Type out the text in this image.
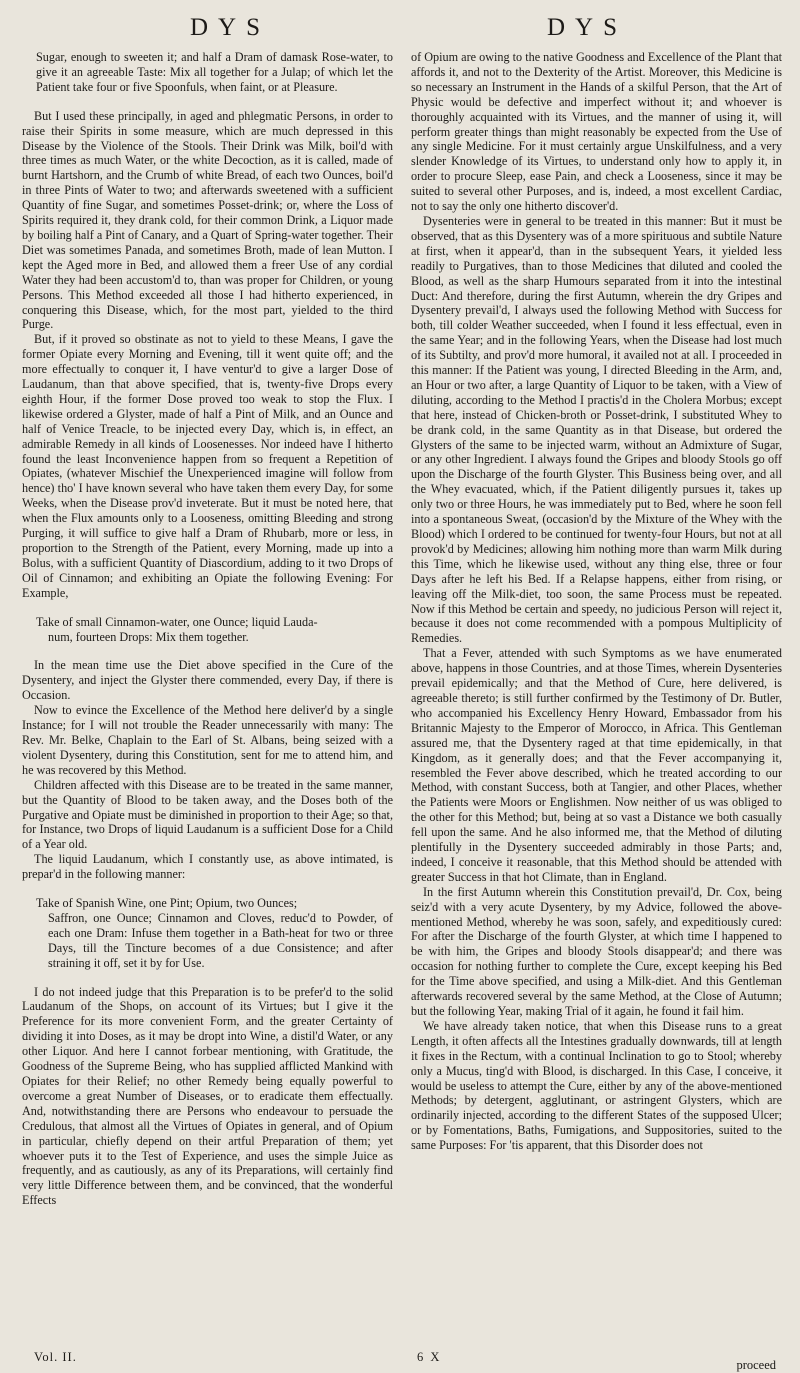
DYS	DYS

Sugar, enough to sweeten it; and half a Dram of damask Rose-water, to give it an agreeable Taste: Mix all together for a Julap; of which let the Patient take four or five Spoonfuls, when faint, or at Pleasure.

But I used these principally, in aged and phlegmatic Persons, in order to raise their Spirits in some measure, which are much depressed in this Disease by the Violence of the Stools. Their Drink was Milk, boil'd with three times as much Water, or the white Decoction, as it is called, made of burnt Hartshorn, and the Crumb of white Bread, of each two Ounces, boil'd in three Pints of Water to two; and afterwards sweetened with a sufficient Quantity of fine Sugar, and sometimes Posset-drink; or, where the Loss of Spirits required it, they drank cold, for their common Drink, a Liquor made by boiling half a Pint of Canary, and a Quart of Spring-water together. Their Diet was sometimes Panada, and sometimes Broth, made of lean Mutton. I kept the Aged more in Bed, and allowed them a freer Use of any cordial Water they had been accustom'd to, than was proper for Children, or young Persons. This Method exceeded all those I had hitherto experienced, in conquering this Disease, which, for the most part, yielded to the third Purge.

But, if it proved so obstinate as not to yield to these Means, I gave the former Opiate every Morning and Evening, till it went quite off; and the more effectually to conquer it, I have ventur'd to give a larger Dose of Laudanum, than that above specified, that is, twenty-five Drops every eighth Hour, if the former Dose proved too weak to stop the Flux. I likewise ordered a Glyster, made of half a Pint of Milk, and an Ounce and half of Venice Treacle, to be injected every Day, which is, in effect, an admirable Remedy in all kinds of Loosenesses. Nor indeed have I hitherto found the least Inconvenience happen from so frequent a Repetition of Opiates, (whatever Mischief the Unexperienced imagine will follow from hence) tho' I have known several who have taken them every Day, for some Weeks, when the Disease prov'd inveterate. But it must be noted here, that when the Flux amounts only to a Looseness, omitting Bleeding and strong Purging, it will suffice to give half a Dram of Rhubarb, more or less, in proportion to the Strength of the Patient, every Morning, made up into a Bolus, with a sufficient Quantity of Diascordium, adding to it two Drops of Oil of Cinnamon; and exhibiting an Opiate the following Evening: For Example,

Take of small Cinnamon-water, one Ounce; liquid Lauda-
num, fourteen Drops: Mix them together.

In the mean time use the Diet above specified in the Cure of the Dysentery, and inject the Glyster there commended, every Day, if there is Occasion.

Now to evince the Excellence of the Method here deliver'd by a single Instance; for I will not trouble the Reader unnecessarily with many: The Rev. Mr. Belke, Chaplain to the Earl of St. Albans, being seized with a violent Dysentery, during this Constitution, sent for me to attend him, and he was recovered by this Method.

Children affected with this Disease are to be treated in the same manner, but the Quantity of Blood to be taken away, and the Doses both of the Purgative and Opiate must be diminished in proportion to their Age; so that, for Instance, two Drops of liquid Laudanum is a sufficient Dose for a Child of a Year old.

The liquid Laudanum, which I constantly use, as above intimated, is prepar'd in the following manner:

Take of Spanish Wine, one Pint; Opium, two Ounces;
Saffron, one Ounce; Cinnamon and Cloves, reduc'd to Powder, of each one Dram: Infuse them together in a Bath-heat for two or three Days, till the Tincture becomes of a due Consistence; and after straining it off, set it by for Use.

I do not indeed judge that this Preparation is to be prefer'd to the solid Laudanum of the Shops, on account of its Virtues; but I give it the Preference for its more convenient Form, and the greater Certainty of dividing it into Doses, as it may be dropt into Wine, a distil'd Water, or any other Liquor. And here I cannot forbear mentioning, with Gratitude, the Goodness of the Supreme Being, who has supplied afflicted Mankind with Opiates for their Relief; no other Remedy being equally powerful to overcome a great Number of Diseases, or to eradicate them effectually. And, notwithstanding there are Persons who endeavour to persuade the Credulous, that almost all the Virtues of Opiates in general, and of Opium in particular, chiefly depend on their artful Preparation of them; yet whoever puts it to the Test of Experience, and uses the simple Juice as frequently, and as cautiously, as any of its Preparations, will certainly find very little Difference between them, and be convinced, that the wonderful Effects

of Opium are owing to the native Goodness and Excellence of the Plant that affords it, and not to the Dexterity of the Artist. Moreover, this Medicine is so necessary an Instrument in the Hands of a skilful Person, that the Art of Physic would be defective and imperfect without it; and whoever is thoroughly acquainted with its Virtues, and the manner of using it, will perform greater things than might reasonably be expected from the Use of any single Medicine. For it must certainly argue Unskilfulness, and a very slender Knowledge of its Virtues, to understand only how to apply it, in order to procure Sleep, ease Pain, and check a Looseness, since it may be suited to several other Purposes, and is, indeed, a most excellent Cardiac, not to say the only one hitherto discover'd.

Dysenteries were in general to be treated in this manner: But it must be observed, that as this Dysentery was of a more spirituous and subtile Nature at first, when it appear'd, than in the subsequent Years, it yielded less readily to Purgatives, than to those Medicines that diluted and cooled the Blood, as well as the sharp Humours separated from it into the intestinal Duct: And therefore, during the first Autumn, wherein the dry Gripes and Dysentery prevail'd, I always used the following Method with Success for both, till colder Weather succeeded, when I found it less effectual, even in the same Year; and in the following Years, when the Disease had lost much of its Subtilty, and prov'd more humoral, it availed not at all. I proceeded in this manner: If the Patient was young, I directed Bleeding in the Arm, and, an Hour or two after, a large Quantity of Liquor to be taken, with a View of diluting, according to the Method I practis'd in the Cholera Morbus; except that here, instead of Chicken-broth or Posset-drink, I substituted Whey to be drank cold, in the same Quantity as in that Disease, but ordered the Glysters of the same to be injected warm, without an Admixture of Sugar, or any other Ingredient. I always found the Gripes and bloody Stools go off upon the Discharge of the fourth Glyster. This Business being over, and all the Whey evacuated, which, if the Patient diligently pursues it, takes up only two or three Hours, he was immediately put to Bed, where he soon fell into a spontaneous Sweat, (occasion'd by the Mixture of the Whey with the Blood) which I ordered to be continued for twenty-four Hours, but not at all provok'd by Medicines; allowing him nothing more than warm Milk during this Time, which he likewise used, without any thing else, three or four Days after he left his Bed. If a Relapse happens, either from rising, or leaving off the Milk-diet, too soon, the same Process must be repeated. Now if this Method be certain and speedy, no judicious Person will reject it, because it does not come recommended with a pompous Multiplicity of Remedies.

That a Fever, attended with such Symptoms as we have enumerated above, happens in those Countries, and at those Times, wherein Dysenteries prevail epidemically; and that the Method of Cure, here delivered, is agreeable thereto; is still further confirmed by the Testimony of Dr. Butler, who accompanied his Excellency Henry Howard, Embassador from his Britannic Majesty to the Emperor of Morocco, in Africa. This Gentleman assured me, that the Dysentery raged at that time epidemically, in that Kingdom, as it generally does; and that the Fever accompanying it, resembled the Fever above described, which he treated according to our Method, with constant Success, both at Tangier, and other Places, whether the Patients were Moors or Englishmen. Now neither of us was obliged to the other for this Method; but, being at so vast a Distance we both casually fell upon the same. And he also informed me, that the Method of diluting plentifully in the Dysentery succeeded admirably in those Parts; and, indeed, I conceive it reasonable, that this Method should be attended with greater Success in that hot Climate, than in England.

In the first Autumn wherein this Constitution prevail'd, Dr. Cox, being seiz'd with a very acute Dysentery, by my Advice, followed the above-mentioned Method, whereby he was soon, safely, and expeditiously cured: For after the Discharge of the fourth Glyster, at which time I happened to be with him, the Gripes and bloody Stools disappear'd; and there was occasion for nothing further to complete the Cure, except keeping his Bed for the Time above specified, and using a Milk-diet. And this Gentleman afterwards recovered several by the same Method, at the Close of Autumn; but the following Year, making Trial of it again, he found it fail him.

We have already taken notice, that when this Disease runs to a great Length, it often affects all the Intestines gradually downwards, till at length it fixes in the Rectum, with a continual Inclination to go to Stool; whereby only a Mucus, ting'd with Blood, is discharged. In this Case, I conceive, it would be useless to attempt the Cure, either by any of the above-mentioned Methods; by detergent, agglutinant, or astringent Glysters, which are ordinarily injected, according to the different States of the supposed Ulcer; or by Fomentations, Baths, Fumigations, and Suppositories, suited to the same Purposes: For 'tis apparent, that this Disorder does not

Vol. II.	6 X
proceed
